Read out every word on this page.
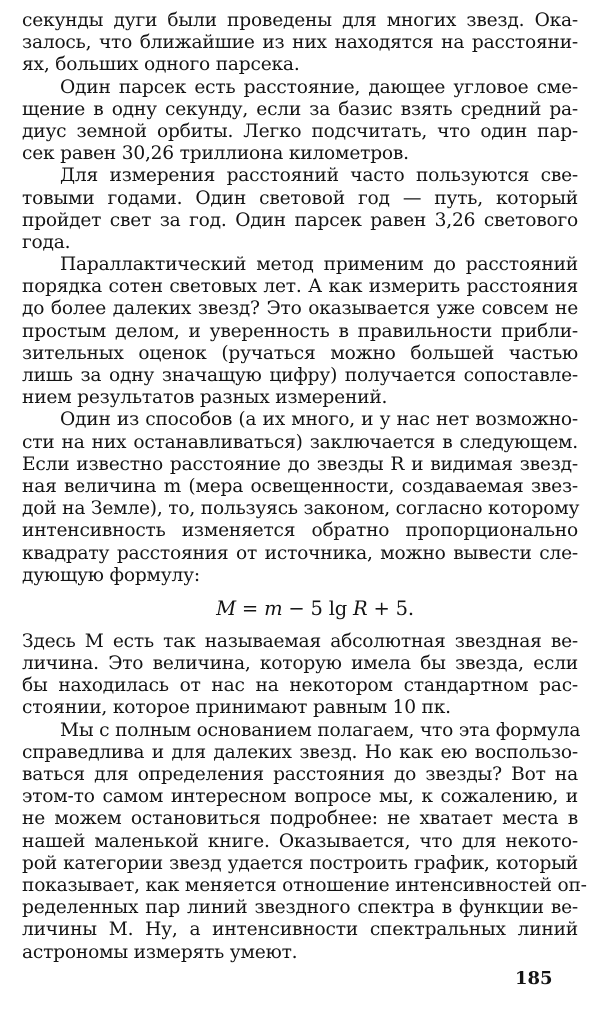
секунды дуги были проведены для многих звезд. Ока-
залось, что ближайшие из них находятся на расстояни-
ях, больших одного парсека.
Один парсек есть расстояние, дающее угловое сме-
щение в одну секунду, если за базис взять средний ра-
диус земной орбиты. Легко подсчитать, что один пар-
сек равен 30,26 триллиона километров.
Для измерения расстояний часто пользуются све-
товыми годами. Один световой год — путь, который
пройдет свет за год. Один парсек равен 3,26 светового
года.
Параллактический метод применим до расстояний
порядка сотен световых лет. А как измерить расстояния
до более далеких звезд? Это оказывается уже совсем не
простым делом, и уверенность в правильности прибли-
зительных оценок (ручаться можно большей частью
лишь за одну значащую цифру) получается сопоставле-
нием результатов разных измерений.
Один из способов (а их много, и у нас нет возможно-
сти на них останавливаться) заключается в следующем.
Если известно расстояние до звезды R и видимая звезд-
ная величина m (мера освещенности, создаваемая звез-
дой на Земле), то, пользуясь законом, согласно которому
интенсивность изменяется обратно пропорционально
квадрату расстояния от источника, можно вывести сле-
дующую формулу:
M = m − 5 lg R + 5.
Здесь M есть так называемая абсолютная звездная ве-
личина. Это величина, которую имела бы звезда, если
бы находилась от нас на некотором стандартном рас-
стоянии, которое принимают равным 10 пк.
Мы с полным основанием полагаем, что эта формула
справедлива и для далеких звезд. Но как ею воспользо-
ваться для определения расстояния до звезды? Вот на
этом-то самом интересном вопросе мы, к сожалению, и
не можем остановиться подробнее: не хватает места в
нашей маленькой книге. Оказывается, что для некото-
рой категории звезд удается построить график, который
показывает, как меняется отношение интенсивностей оп-
ределенных пар линий звездного спектра в функции ве-
личины M. Ну, а интенсивности спектральных линий
астрономы измерять умеют.
185
